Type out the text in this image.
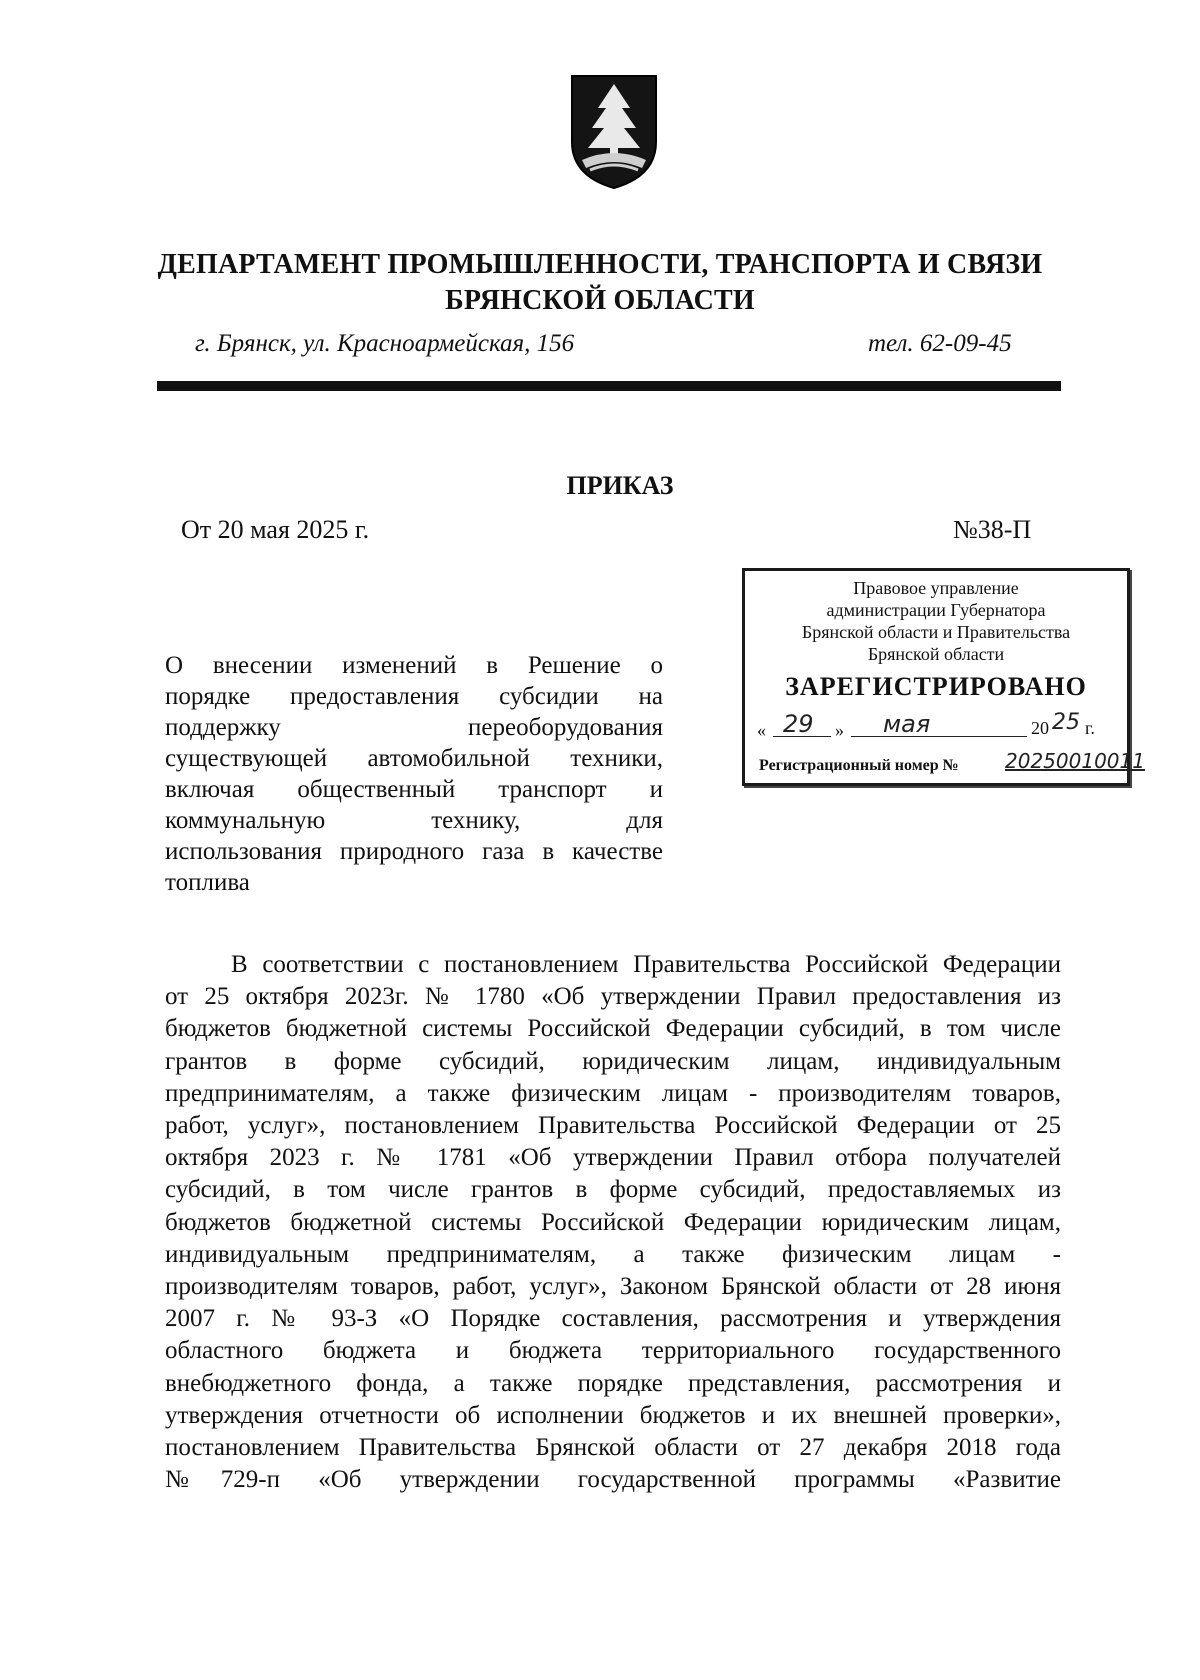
ДЕПАРТАМЕНТ ПРОМЫШЛЕННОСТИ, ТРАНСПОРТА И СВЯЗИ
БРЯНСКОЙ ОБЛАСТИ
г. Брянск, ул. Красноармейская, 156	тел. 62-09-45
ПРИКАЗ
От 20 мая 2025 г.	№38-П
Правовое управление
администрации Губернатора
Брянской области и Правительства
Брянской области
ЗАРЕГИСТРИРОВАНО
« 29 » мая	20 25 г.
Регистрационный номер № 20250010011
О внесении изменений в Решение о
порядке предоставления субсидии на
поддержку переоборудования
существующей автомобильной техники,
включая общественный транспорт и
коммунальную технику, для
использования природного газа в качестве
топлива
В соответствии с постановлением Правительства Российской Федерации
от 25 октября 2023г. № 1780 «Об утверждении Правил предоставления из
бюджетов бюджетной системы Российской Федерации субсидий, в том числе
грантов в форме субсидий, юридическим лицам, индивидуальным
предпринимателям, а также физическим лицам - производителям товаров,
работ, услуг», постановлением Правительства Российской Федерации от 25
октября 2023 г. № 1781 «Об утверждении Правил отбора получателей
субсидий, в том числе грантов в форме субсидий, предоставляемых из
бюджетов бюджетной системы Российской Федерации юридическим лицам,
индивидуальным предпринимателям, а также физическим лицам -
производителям товаров, работ, услуг», Законом Брянской области от 28 июня
2007 г. № 93-З «О Порядке составления, рассмотрения и утверждения
областного бюджета и бюджета территориального государственного
внебюджетного фонда, а также порядке представления, рассмотрения и
утверждения отчетности об исполнении бюджетов и их внешней проверки»,
постановлением Правительства Брянской области от 27 декабря 2018 года
№729-п «Об утверждении государственной программы «Развитие
